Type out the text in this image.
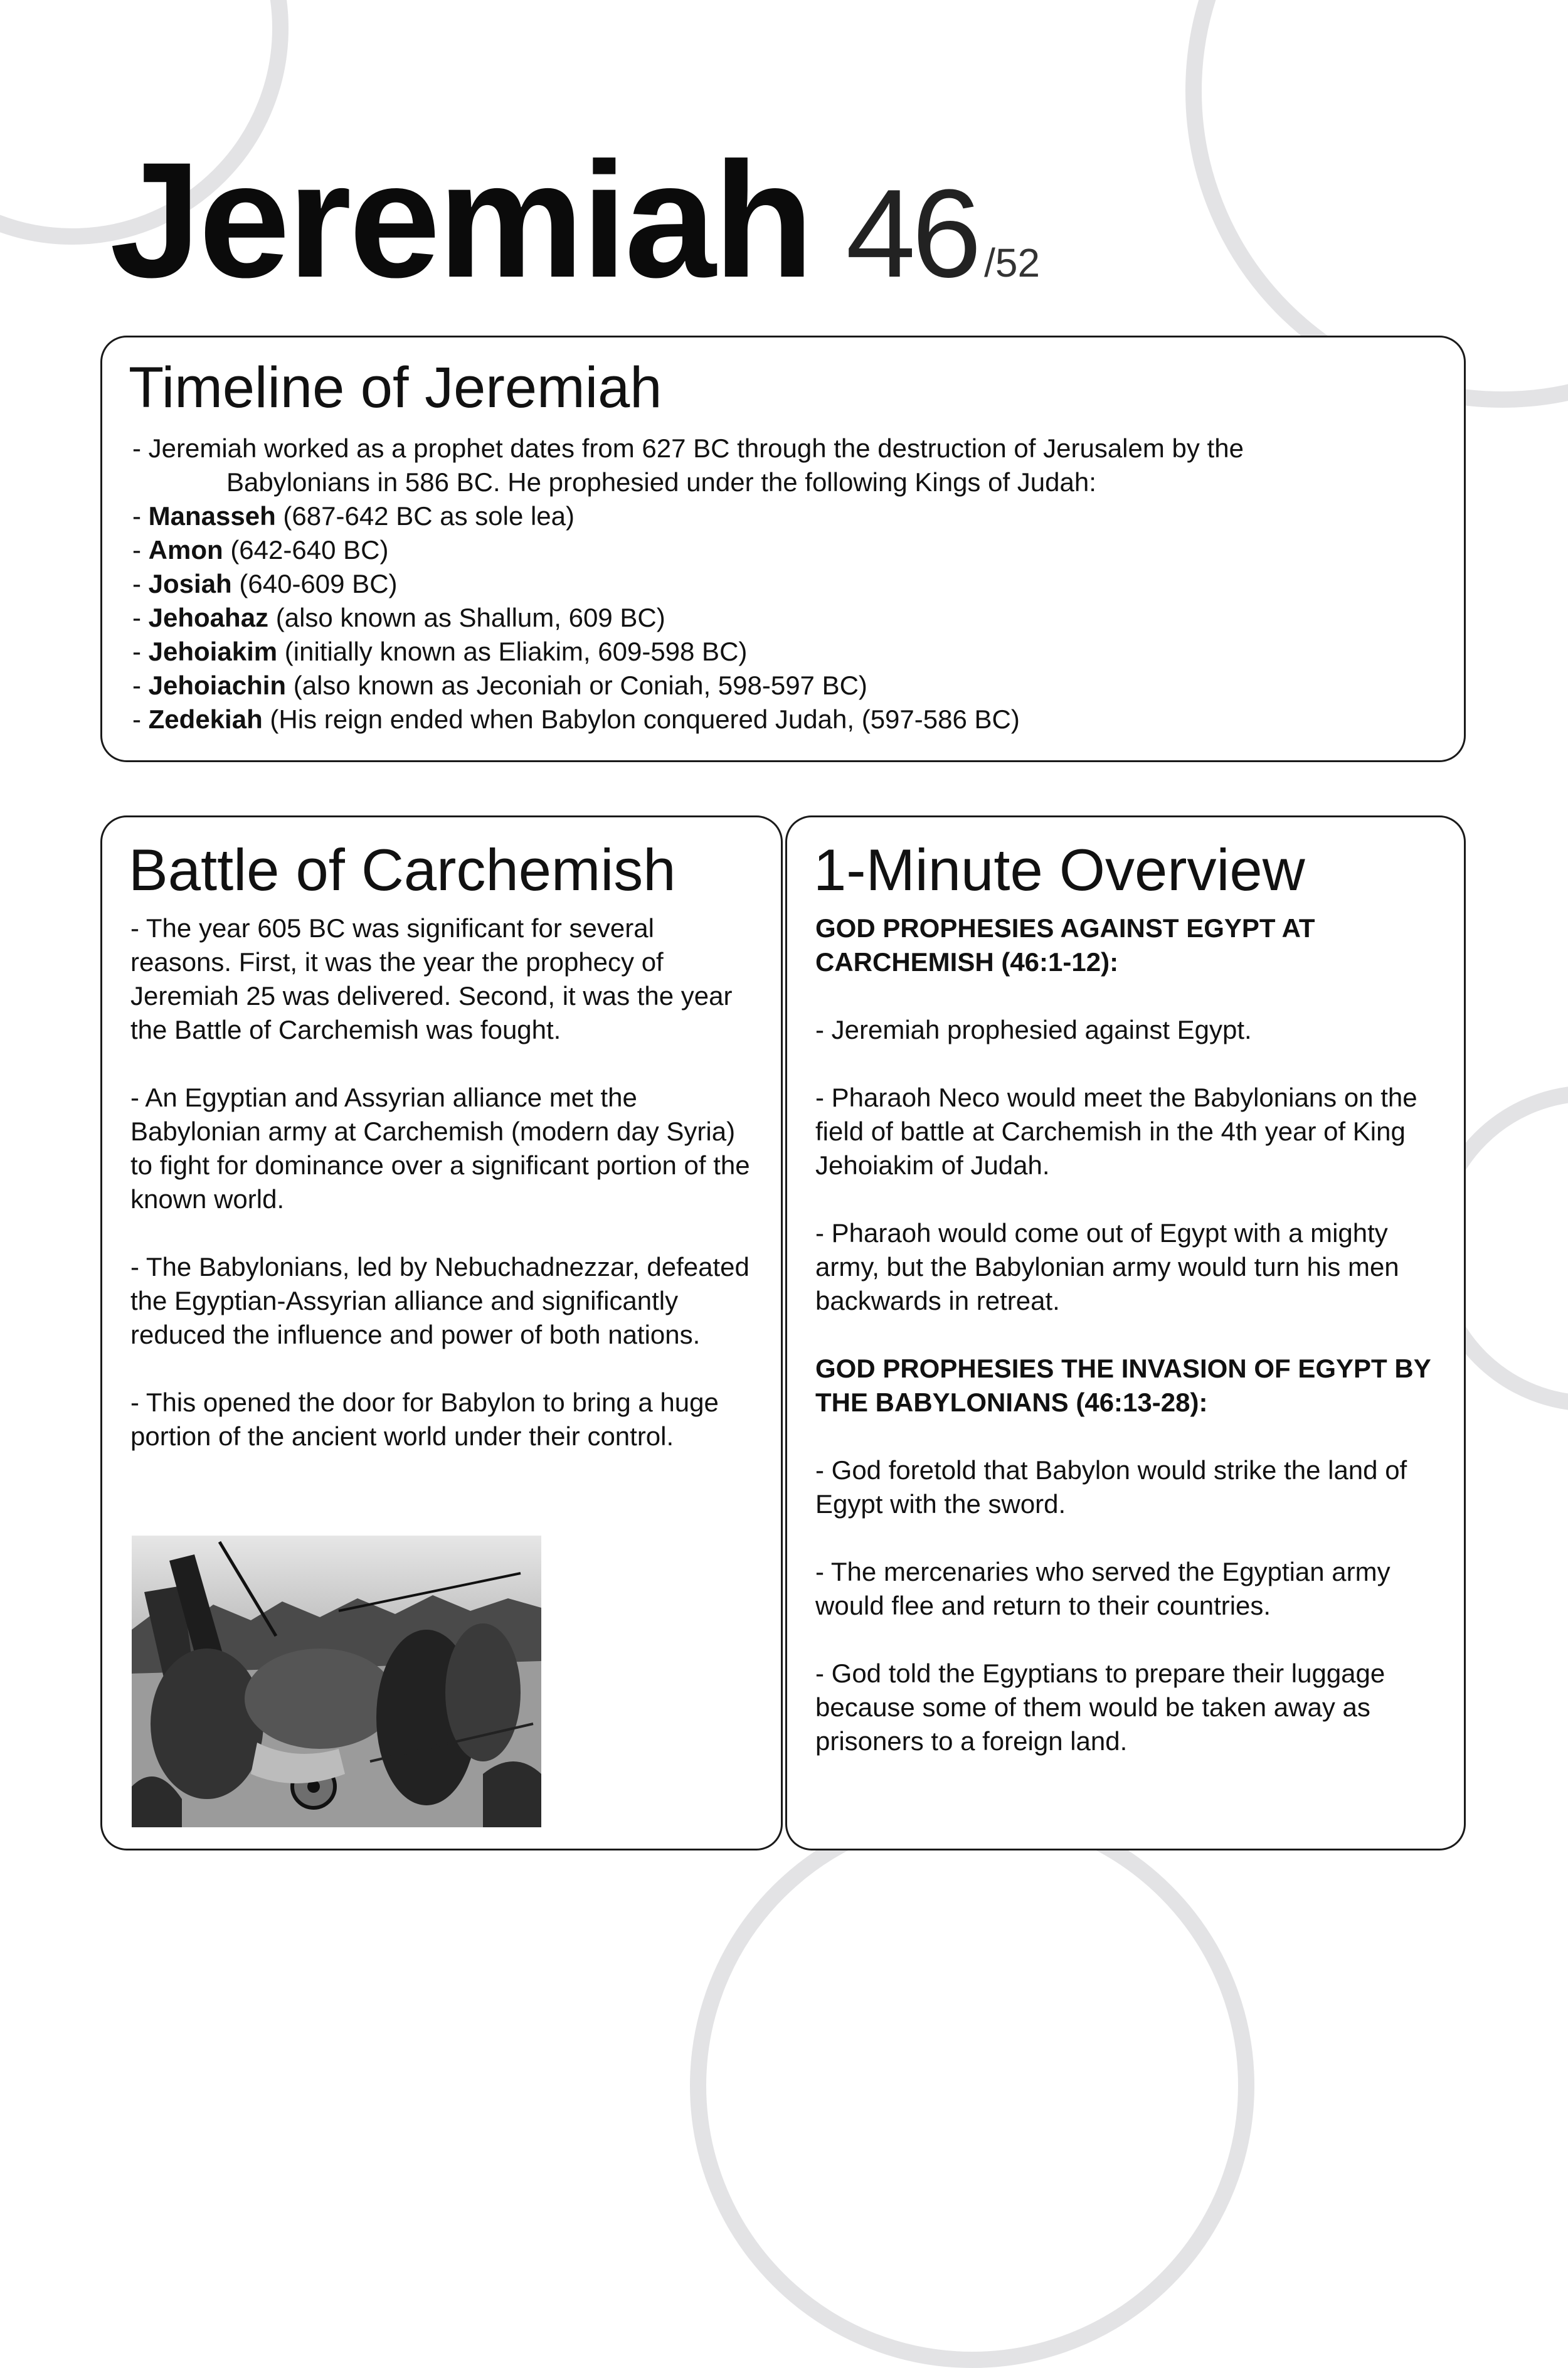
Jeremiah 46 /52
Timeline of Jeremiah
- Jeremiah worked as a prophet dates from 627 BC through the destruction of Jerusalem by the
Babylonians in 586 BC. He prophesied under the following Kings of Judah:
- Manasseh (687-642 BC as sole lea)
- Amon (642-640 BC)
- Josiah (640-609 BC)
- Jehoahaz (also known as Shallum, 609 BC)
- Jehoiakim (initially known as Eliakim, 609-598 BC)
- Jehoiachin (also known as Jeconiah or Coniah, 598-597 BC)
- Zedekiah (His reign ended when Babylon conquered Judah, (597-586 BC)
Battle of Carchemish

- The year 605 BC was significant for several reasons. First, it was the year the prophecy of Jeremiah 25 was delivered. Second, it was the year the Battle of Carchemish was fought.

- An Egyptian and Assyrian alliance met the Babylonian army at Carchemish (modern day Syria) to fight for dominance over a significant portion of the known world.

- The Babylonians, led by Nebuchadnezzar, defeated the Egyptian-Assyrian alliance and significantly reduced the influence and power of both nations.

- This opened the door for Babylon to bring a huge portion of the ancient world under their control.

1-Minute Overview

GOD PROPHESIES AGAINST EGYPT AT CARCHEMISH (46:1-12):

- Jeremiah prophesied against Egypt.

- Pharaoh Neco would meet the Babylonians on the field of battle at Carchemish in the 4th year of King Jehoiakim of Judah.

- Pharaoh would come out of Egypt with a mighty army, but the Babylonian army would turn his men backwards in retreat.

GOD PROPHESIES THE INVASION OF EGYPT BY THE BABYLONIANS (46:13-28):

- God foretold that Babylon would strike the land of Egypt with the sword.

- The mercenaries who served the Egyptian army would flee and return to their countries.

- God told the Egyptians to prepare their luggage because some of them would be taken away as prisoners to a foreign land.
